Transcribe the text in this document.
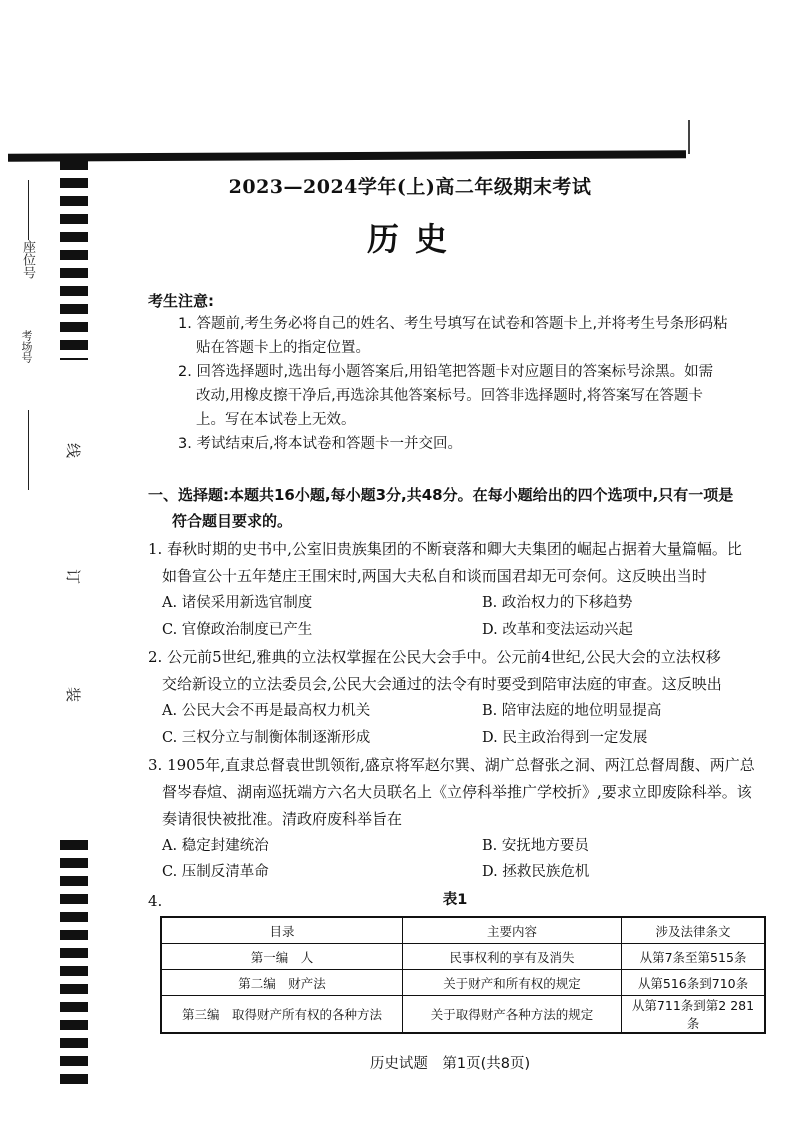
座位号
考场号
线
订
装
2023—2024学年(上)高二年级期末考试
历史
考生注意:
1. 答题前,考生务必将自己的姓名、考生号填写在试卷和答题卡上,并将考生号条形码粘
贴在答题卡上的指定位置。
2. 回答选择题时,选出每小题答案后,用铅笔把答题卡对应题目的答案标号涂黑。如需
改动,用橡皮擦干净后,再选涂其他答案标号。回答非选择题时,将答案写在答题卡
上。写在本试卷上无效。
3. 考试结束后,将本试卷和答题卡一并交回。
一、选择题:本题共16小题,每小题3分,共48分。在每小题给出的四个选项中,只有一项是
符合题目要求的。
1. 春秋时期的史书中,公室旧贵族集团的不断衰落和卿大夫集团的崛起占据着大量篇幅。比
如鲁宣公十五年楚庄王围宋时,两国大夫私自和谈而国君却无可奈何。这反映出当时
A. 诸侯采用新选官制度	B. 政治权力的下移趋势
C. 官僚政治制度已产生	D. 改革和变法运动兴起
2. 公元前5世纪,雅典的立法权掌握在公民大会手中。公元前4世纪,公民大会的立法权移
交给新设立的立法委员会,公民大会通过的法令有时要受到陪审法庭的审查。这反映出
A. 公民大会不再是最高权力机关	B. 陪审法庭的地位明显提高
C. 三权分立与制衡体制逐渐形成	D. 民主政治得到一定发展
3. 1905年,直隶总督袁世凯领衔,盛京将军赵尔巽、湖广总督张之洞、两江总督周馥、两广总
督岑春煊、湖南巡抚端方六名大员联名上《立停科举推广学校折》,要求立即废除科举。该
奏请很快被批准。清政府废科举旨在
A. 稳定封建统治	B. 安抚地方要员
C. 压制反清革命	D. 拯救民族危机
4.	表1
目录	主要内容	涉及法律条文
第一编　人	民事权利的享有及消失	从第7条至第515条
第二编　财产法	关于财产和所有权的规定	从第516条到710条
第三编　取得财产所有权的各种方法	关于取得财产各种方法的规定	从第711条到第2 281条
历史试题　第1页(共8页)
